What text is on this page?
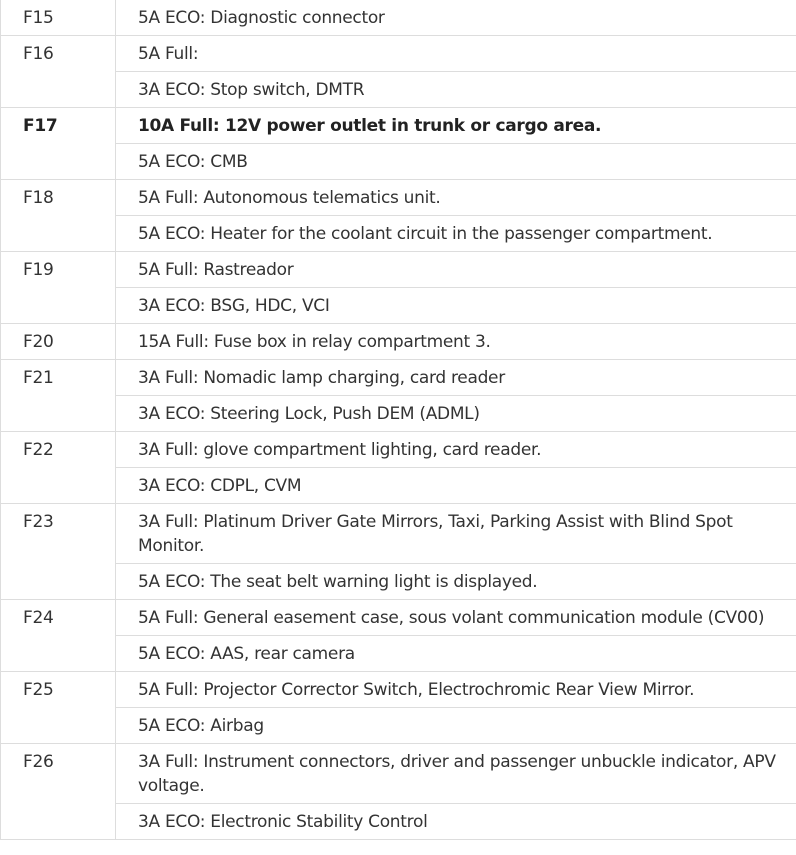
F15	5A ECO: Diagnostic connector
F16	5A Full:
	3A ECO: Stop switch, DMTR
F17	10A Full: 12V power outlet in trunk or cargo area.
	5A ECO: CMB
F18	5A Full: Autonomous telematics unit.
	5A ECO: Heater for the coolant circuit in the passenger compartment.
F19	5A Full: Rastreador
	3A ECO: BSG, HDC, VCI
F20	15A Full: Fuse box in relay compartment 3.
F21	3A Full: Nomadic lamp charging, card reader
	3A ECO: Steering Lock, Push DEM (ADML)
F22	3A Full: glove compartment lighting, card reader.
	3A ECO: CDPL, CVM
F23	3A Full: Platinum Driver Gate Mirrors, Taxi, Parking Assist with Blind Spot Monitor.
	5A ECO: The seat belt warning light is displayed.
F24	5A Full: General easement case, sous volant communication module (CV00)
	5A ECO: AAS, rear camera
F25	5A Full: Projector Corrector Switch, Electrochromic Rear View Mirror.
	5A ECO: Airbag
F26	3A Full: Instrument connectors, driver and passenger unbuckle indicator, APV voltage.
	3A ECO: Electronic Stability Control
